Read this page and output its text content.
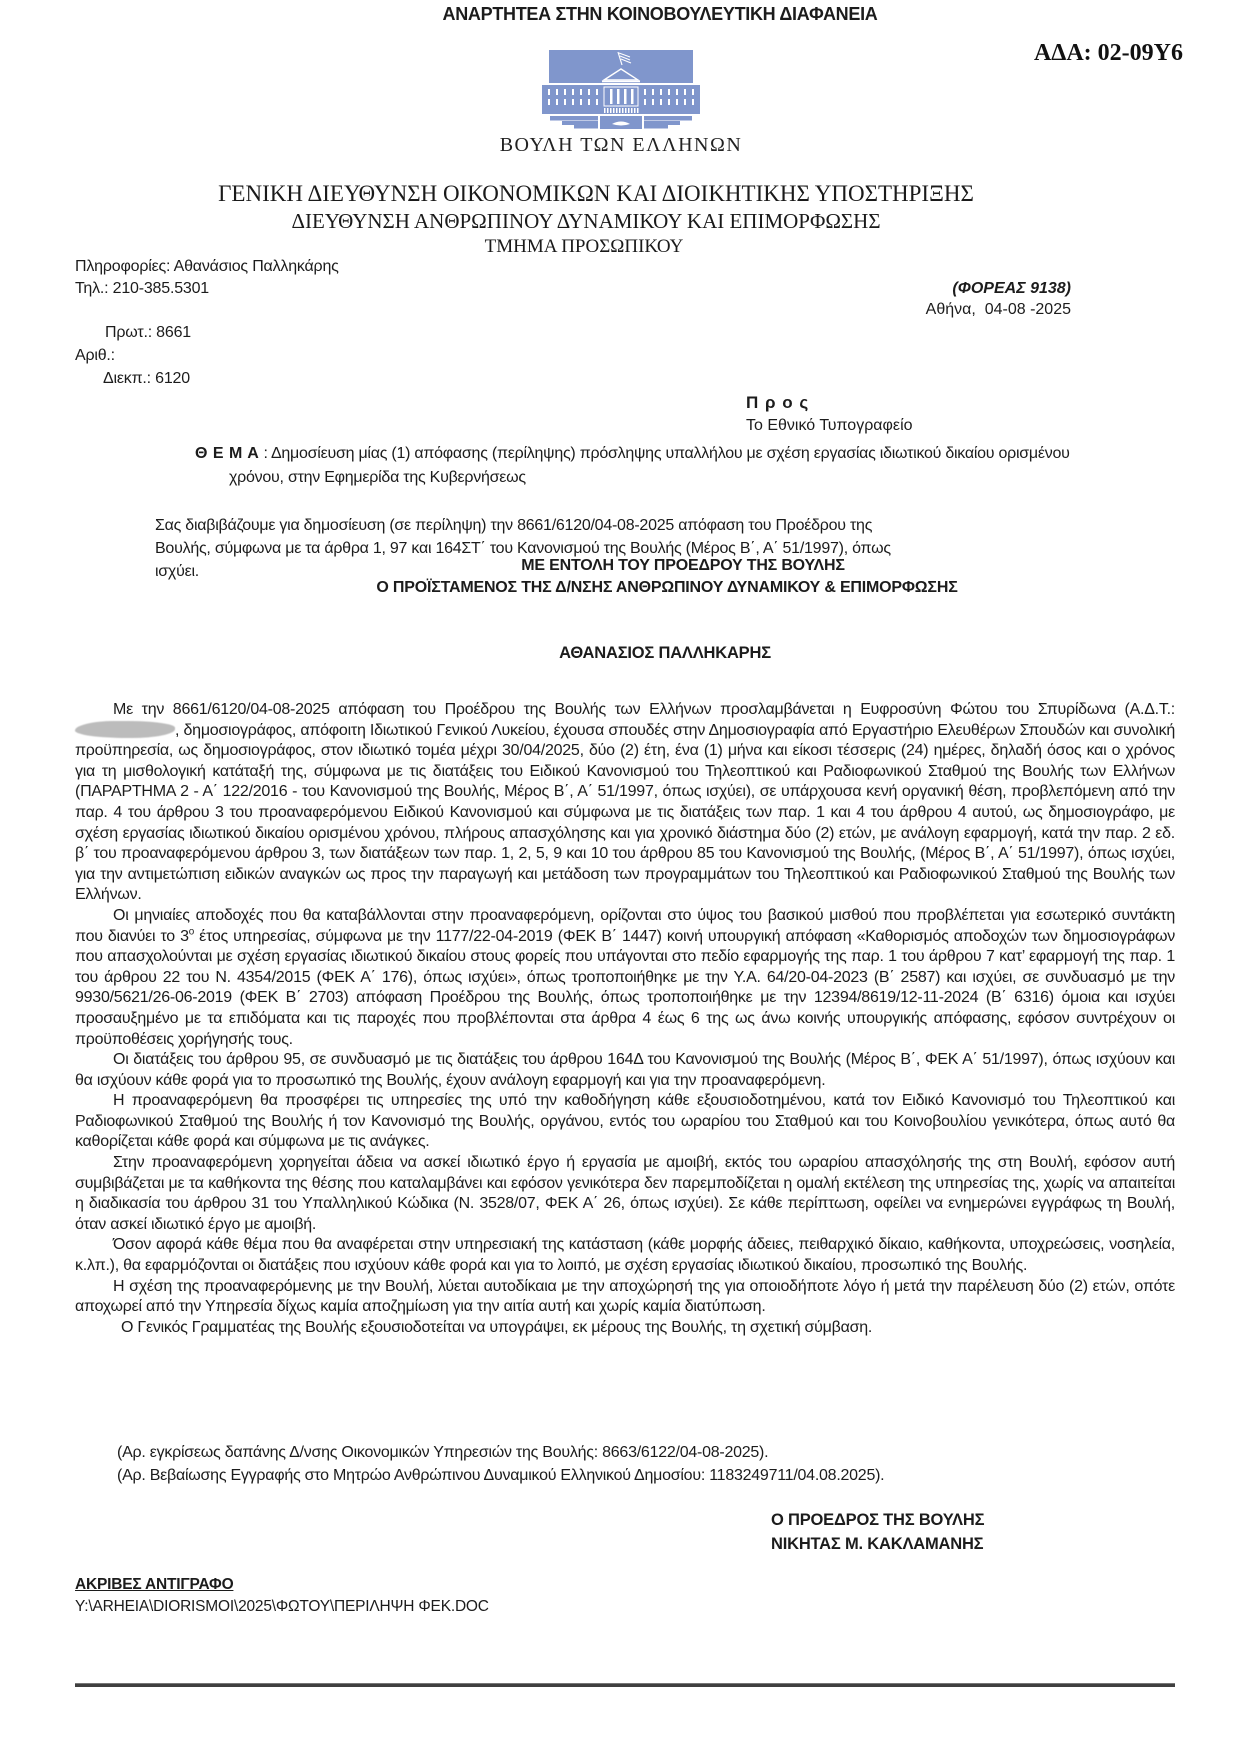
ΑΝΑΡΤΗΤΕΑ ΣΤΗΝ ΚΟΙΝΟΒΟΥΛΕΥΤΙΚΗ ΔΙΑΦΑΝΕΙΑ
ΑΔΑ: 02-09Υ6
ΒΟΥΛΗ ΤΩΝ ΕΛΛΗΝΩΝ
ΓΕΝΙΚΗ ΔΙΕΥΘΥΝΣΗ ΟΙΚΟΝΟΜΙΚΩΝ ΚΑΙ ΔΙΟΙΚΗΤΙΚΗΣ ΥΠΟΣΤΗΡΙΞΗΣ
ΔΙΕΥΘΥΝΣΗ ΑΝΘΡΩΠΙΝΟΥ ΔΥΝΑΜΙΚΟΥ ΚΑΙ ΕΠΙΜΟΡΦΩΣΗΣ
ΤΜΗΜΑ ΠΡΟΣΩΠΙΚΟΥ
Πληροφορίες: Αθανάσιος Παλληκάρης
Τηλ.: 210-385.5301	(ΦΟΡΕΑΣ 9138)
Αθήνα,  04-08 -2025
Πρωτ.: 8661
Αριθ.:
Διεκπ.: 6120
Π ρ ο ς
Το Εθνικό Τυπογραφείο
Θ Ε Μ Α : Δημοσίευση μίας (1) απόφασης (περίληψης) πρόσληψης υπαλλήλου με σχέση εργασίας ιδιωτικού δικαίου ορισμένου χρόνου, στην Εφημερίδα της Κυβερνήσεως
Σας διαβιβάζουμε για δημοσίευση (σε περίληψη) την 8661/6120/04-08-2025 απόφαση του Προέδρου της Βουλής, σύμφωνα με τα άρθρα 1, 97 και 164ΣΤ΄ του Κανονισμού της Βουλής (Μέρος Β΄, Α΄ 51/1997), όπως ισχύει.	ΜΕ ΕΝΤΟΛΗ ΤΟΥ ΠΡΟΕΔΡΟΥ ΤΗΣ ΒΟΥΛΗΣ
Ο ΠΡΟΪΣΤΑΜΕΝΟΣ ΤΗΣ Δ/ΝΣΗΣ ΑΝΘΡΩΠΙΝΟΥ ΔΥΝΑΜΙΚΟΥ & ΕΠΙΜΟΡΦΩΣΗΣ
ΑΘΑΝΑΣΙΟΣ ΠΑΛΛΗΚΑΡΗΣ

Με την 8661/6120/04-08-2025 απόφαση του Προέδρου της Βουλής των Ελλήνων προσλαμβάνεται η Ευφροσύνη Φώτου του Σπυρίδωνα (Α.Δ.Τ.: , δημοσιογράφος, απόφοιτη Ιδιωτικού Γενικού Λυκείου, έχουσα σπουδές στην Δημοσιογραφία από Εργαστήριο Ελευθέρων Σπουδών και συνολική προϋπηρεσία, ως δημοσιογράφος, στον ιδιωτικό τομέα μέχρι 30/04/2025, δύο (2) έτη, ένα (1) μήνα και είκοσι τέσσερις (24) ημέρες, δηλαδή όσος και ο χρόνος για τη μισθολογική κατάταξή της, σύμφωνα με τις διατάξεις του Ειδικού Κανονισμού του Τηλεοπτικού και Ραδιοφωνικού Σταθμού της Βουλής των Ελλήνων (ΠΑΡΑΡΤΗΜΑ 2 - Α΄ 122/2016 - του Κανονισμού της Βουλής, Μέρος Β΄, Α΄ 51/1997, όπως ισχύει), σε υπάρχουσα κενή οργανική θέση, προβλεπόμενη από την παρ. 4 του άρθρου 3 του προαναφερόμενου Ειδικού Κανονισμού και σύμφωνα με τις διατάξεις των παρ. 1 και 4 του άρθρου 4 αυτού, ως δημοσιογράφο, με σχέση εργασίας ιδιωτικού δικαίου ορισμένου χρόνου, πλήρους απασχόλησης και για χρονικό διάστημα δύο (2) ετών, με ανάλογη εφαρμογή, κατά την παρ. 2 εδ. β΄ του προαναφερόμενου άρθρου 3, των διατάξεων των παρ. 1, 2, 5, 9 και 10 του άρθρου 85 του Κανονισμού της Βουλής, (Μέρος Β΄, Α΄ 51/1997), όπως ισχύει, για την αντιμετώπιση ειδικών αναγκών ως προς την παραγωγή και μετάδοση των προγραμμάτων του Τηλεοπτικού και Ραδιοφωνικού Σταθμού της Βουλής των Ελλήνων.

Οι μηνιαίες αποδοχές που θα καταβάλλονται στην προαναφερόμενη, ορίζονται στο ύψος του βασικού μισθού που προβλέπεται για εσωτερικό συντάκτη που διανύει το $3^o$ έτος υπηρεσίας, σύμφωνα με την 1177/22-04-2019 (ΦΕΚ Β΄ 1447) κοινή υπουργική απόφαση «Καθορισμός αποδοχών των δημοσιογράφων που απασχολούνται με σχέση εργασίας ιδιωτικού δικαίου στους φορείς που υπάγονται στο πεδίο εφαρμογής της παρ. 1 του άρθρου 7 κατ’ εφαρμογή της παρ. 1 του άρθρου 22 του Ν. 4354/2015 (ΦΕΚ Α΄ 176), όπως ισχύει», όπως τροποποιήθηκε με την Υ.Α. 64/20-04-2023 (Β΄ 2587) και ισχύει, σε συνδυασμό με την 9930/5621/26-06-2019 (ΦΕΚ Β΄ 2703) απόφαση Προέδρου της Βουλής, όπως τροποποιήθηκε με την 12394/8619/12-11-2024 (Β΄ 6316) όμοια και ισχύει προσαυξημένο με τα επιδόματα και τις παροχές που προβλέπονται στα άρθρα 4 έως 6 της ως άνω κοινής υπουργικής απόφασης, εφόσον συντρέχουν οι προϋποθέσεις χορήγησής τους.

Οι διατάξεις του άρθρου 95, σε συνδυασμό με τις διατάξεις του άρθρου 164Δ του Κανονισμού της Βουλής (Μέρος Β΄, ΦΕΚ Α΄ 51/1997), όπως ισχύουν και θα ισχύουν κάθε φορά για το προσωπικό της Βουλής, έχουν ανάλογη εφαρμογή και για την προαναφερόμενη.

Η προαναφερόμενη θα προσφέρει τις υπηρεσίες της υπό την καθοδήγηση κάθε εξουσιοδοτημένου, κατά τον Ειδικό Κανονισμό του Τηλεοπτικού και Ραδιοφωνικού Σταθμού της Βουλής ή τον Κανονισμό της Βουλής, οργάνου, εντός του ωραρίου του Σταθμού και του Κοινοβουλίου γενικότερα, όπως αυτό θα καθορίζεται κάθε φορά και σύμφωνα με τις ανάγκες.

Στην προαναφερόμενη χορηγείται άδεια να ασκεί ιδιωτικό έργο ή εργασία με αμοιβή, εκτός του ωραρίου απασχόλησής της στη Βουλή, εφόσον αυτή συμβιβάζεται με τα καθήκοντα της θέσης που καταλαμβάνει και εφόσον γενικότερα δεν παρεμποδίζεται η ομαλή εκτέλεση της υπηρεσίας της, χωρίς να απαιτείται η διαδικασία του άρθρου 31 του Υπαλληλικού Κώδικα (Ν. 3528/07, ΦΕΚ Α΄ 26, όπως ισχύει). Σε κάθε περίπτωση, οφείλει να ενημερώνει εγγράφως τη Βουλή, όταν ασκεί ιδιωτικό έργο με αμοιβή.

Όσον αφορά κάθε θέμα που θα αναφέρεται στην υπηρεσιακή της κατάσταση (κάθε μορφής άδειες, πειθαρχικό δίκαιο, καθήκοντα, υποχρεώσεις, νοσηλεία, κ.λπ.), θα εφαρμόζονται οι διατάξεις που ισχύουν κάθε φορά και για το λοιπό, με σχέση εργασίας ιδιωτικού δικαίου, προσωπικό της Βουλής.

Η σχέση της προαναφερόμενης με την Βουλή, λύεται αυτοδίκαια με την αποχώρησή της για οποιοδήποτε λόγο ή μετά την παρέλευση δύο (2) ετών, οπότε αποχωρεί από την Υπηρεσία δίχως καμία αποζημίωση για την αιτία αυτή και χωρίς καμία διατύπωση.

Ο Γενικός Γραμματέας της Βουλής εξουσιοδοτείται να υπογράψει, εκ μέρους της Βουλής, τη σχετική σύμβαση.

(Αρ. εγκρίσεως δαπάνης Δ/νσης Οικονομικών Υπηρεσιών της Βουλής: 8663/6122/04-08-2025).
(Αρ. Βεβαίωσης Εγγραφής στο Μητρώο Ανθρώπινου Δυναμικού Ελληνικού Δημοσίου: 1183249711/04.08.2025).
Ο ΠΡΟΕΔΡΟΣ ΤΗΣ ΒΟΥΛΗΣ
ΝΙΚΗΤΑΣ Μ. ΚΑΚΛΑΜΑΝΗΣ
ΑΚΡΙΒΕΣ ΑΝΤΙΓΡΑΦΟ
Y:\ARHEIA\DIORISMOI\2025\ΦΩΤΟΥ\ΠΕΡΙΛΗΨΗ ΦΕΚ.DOC
